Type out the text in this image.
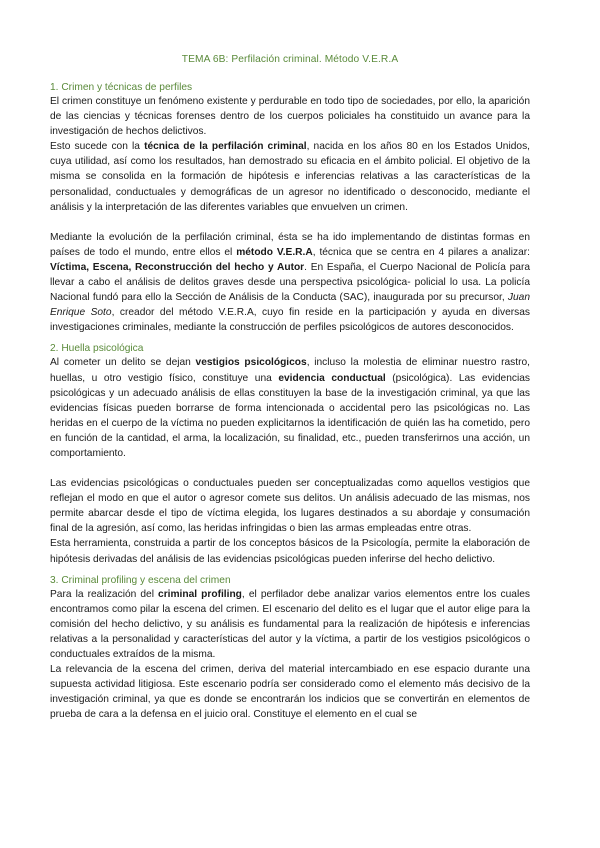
TEMA 6B: Perfilación criminal. Método V.E.R.A
1. Crimen y técnicas de perfiles

El crimen constituye un fenómeno existente y perdurable en todo tipo de sociedades, por ello, la aparición de las ciencias y técnicas forenses dentro de los cuerpos policiales ha constituido un avance para la investigación de hechos delictivos.

Esto sucede con la técnica de la perfilación criminal, nacida en los años 80 en los Estados Unidos, cuya utilidad, así como los resultados, han demostrado su eficacia en el ámbito policial. El objetivo de la misma se consolida en la formación de hipótesis e inferencias relativas a las características de la personalidad, conductuales y demográficas de un agresor no identificado o desconocido, mediante el análisis y la interpretación de las diferentes variables que envuelven un crimen.

Mediante la evolución de la perfilación criminal, ésta se ha ido implementando de distintas formas en países de todo el mundo, entre ellos el método V.E.R.A, técnica que se centra en 4 pilares a analizar: Víctima, Escena, Reconstrucción del hecho y Autor. En España, el Cuerpo Nacional de Policía para llevar a cabo el análisis de delitos graves desde una perspectiva psicológica- policial lo usa. La policía Nacional fundó para ello la Sección de Análisis de la Conducta (SAC), inaugurada por su precursor, Juan Enrique Soto, creador del método V.E.R.A, cuyo fin reside en la participación y ayuda en diversas investigaciones criminales, mediante la construcción de perfiles psicológicos de autores desconocidos.

2. Huella psicológica

Al cometer un delito se dejan vestigios psicológicos, incluso la molestia de eliminar nuestro rastro, huellas, u otro vestigio físico, constituye una evidencia conductual (psicológica). Las evidencias psicológicas y un adecuado análisis de ellas constituyen la base de la investigación criminal, ya que las evidencias físicas pueden borrarse de forma intencionada o accidental pero las psicológicas no. Las heridas en el cuerpo de la víctima no pueden explicitarnos la identificación de quién las ha cometido, pero en función de la cantidad, el arma, la localización, su finalidad, etc., pueden transferirnos una acción, un comportamiento.

Las evidencias psicológicas o conductuales pueden ser conceptualizadas como aquellos vestigios que reflejan el modo en que el autor o agresor comete sus delitos. Un análisis adecuado de las mismas, nos permite abarcar desde el tipo de víctima elegida, los lugares destinados a su abordaje y consumación final de la agresión, así como, las heridas infringidas o bien las armas empleadas entre otras.

Esta herramienta, construida a partir de los conceptos básicos de la Psicología, permite la elaboración de hipótesis derivadas del análisis de las evidencias psicológicas pueden inferirse del hecho delictivo.

3. Criminal profiling y escena del crimen

Para la realización del criminal profiling, el perfilador debe analizar varios elementos entre los cuales encontramos como pilar la escena del crimen. El escenario del delito es el lugar que el autor elige para la comisión del hecho delictivo, y su análisis es fundamental para la realización de hipótesis e inferencias relativas a la personalidad y características del autor y la víctima, a partir de los vestigios psicológicos o conductuales extraídos de la misma.

La relevancia de la escena del crimen, deriva del material intercambiado en ese espacio durante una supuesta actividad litigiosa. Este escenario podría ser considerado como el elemento más decisivo de la investigación criminal, ya que es donde se encontrarán los indicios que se convertirán en elementos de prueba de cara a la defensa en el juicio oral. Constituye el elemento en el cual se
